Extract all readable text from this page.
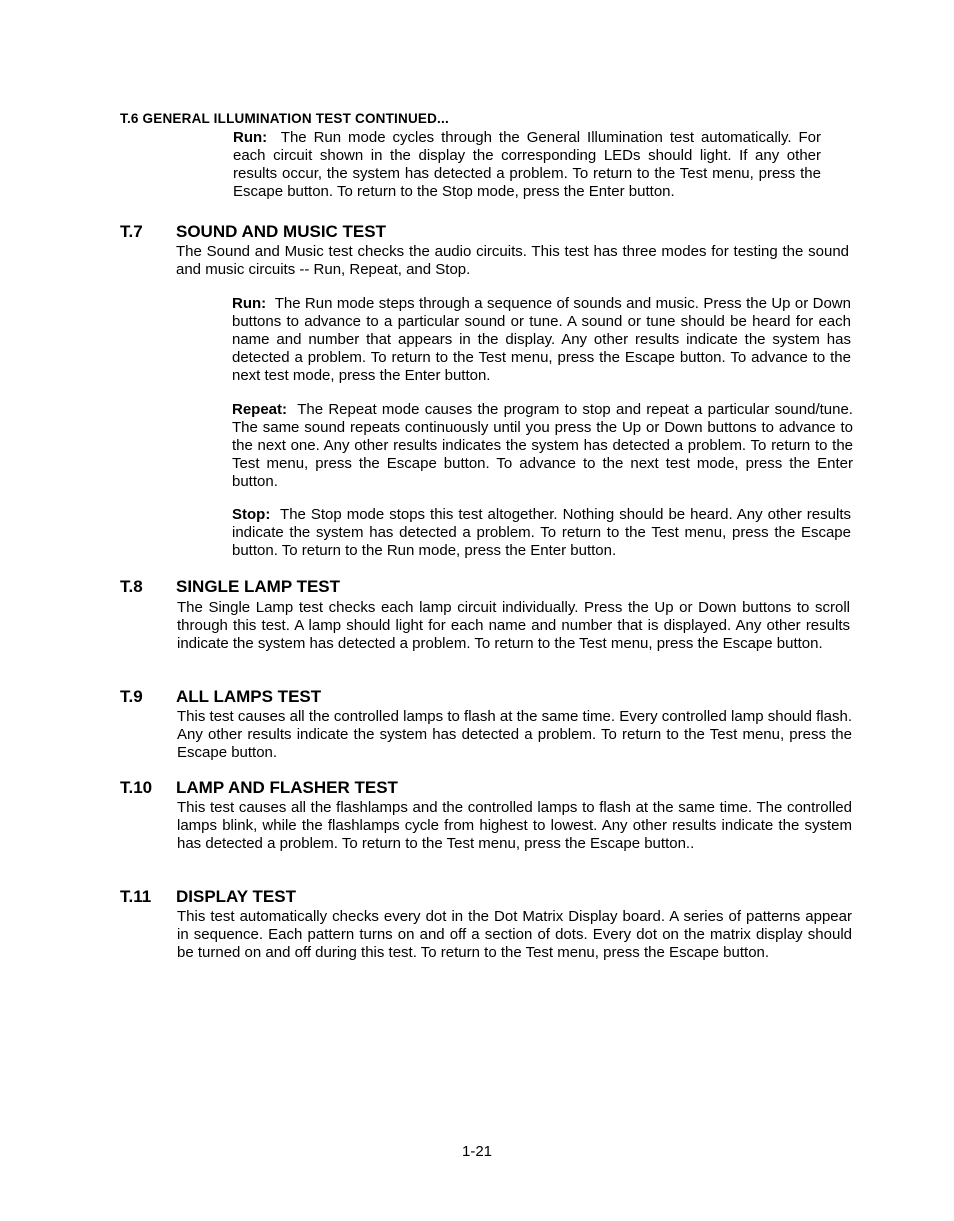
T.6 GENERAL ILLUMINATION TEST CONTINUED...

Run: The Run mode cycles through the General Illumination test automatically. For each circuit shown in the display the corresponding LEDs should light. If any other results occur, the system has detected a problem. To return to the Test menu, press the Escape button. To return to the Stop mode, press the Enter button.

T.7 SOUND AND MUSIC TEST

The Sound and Music test checks the audio circuits. This test has three modes for testing the sound and music circuits -- Run, Repeat, and Stop.

Run: The Run mode steps through a sequence of sounds and music. Press the Up or Down buttons to advance to a particular sound or tune. A sound or tune should be heard for each name and number that appears in the display. Any other results indicate the system has detected a problem. To return to the Test menu, press the Escape button. To advance to the next test mode, press the Enter button.

Repeat: The Repeat mode causes the program to stop and repeat a particular sound/tune. The same sound repeats continuously until you press the Up or Down buttons to advance to the next one. Any other results indicates the system has detected a problem. To return to the Test menu, press the Escape button. To advance to the next test mode, press the Enter button.

Stop: The Stop mode stops this test altogether. Nothing should be heard. Any other results indicate the system has detected a problem. To return to the Test menu, press the Escape button. To return to the Run mode, press the Enter button.

T.8 SINGLE LAMP TEST

The Single Lamp test checks each lamp circuit individually. Press the Up or Down buttons to scroll through this test. A lamp should light for each name and number that is displayed. Any other results indicate the system has detected a problem. To return to the Test menu, press the Escape button.

T.9 ALL LAMPS TEST

This test causes all the controlled lamps to flash at the same time. Every controlled lamp should flash. Any other results indicate the system has detected a problem. To return to the Test menu, press the Escape button.

T.10 LAMP AND FLASHER TEST

This test causes all the flashlamps and the controlled lamps to flash at the same time. The controlled lamps blink, while the flashlamps cycle from highest to lowest. Any other results indicate the system has detected a problem. To return to the Test menu, press the Escape button..

T.11 DISPLAY TEST

This test automatically checks every dot in the Dot Matrix Display board. A series of patterns appear in sequence. Each pattern turns on and off a section of dots. Every dot on the matrix display should be turned on and off during this test. To return to the Test menu, press the Escape button.

1-21
